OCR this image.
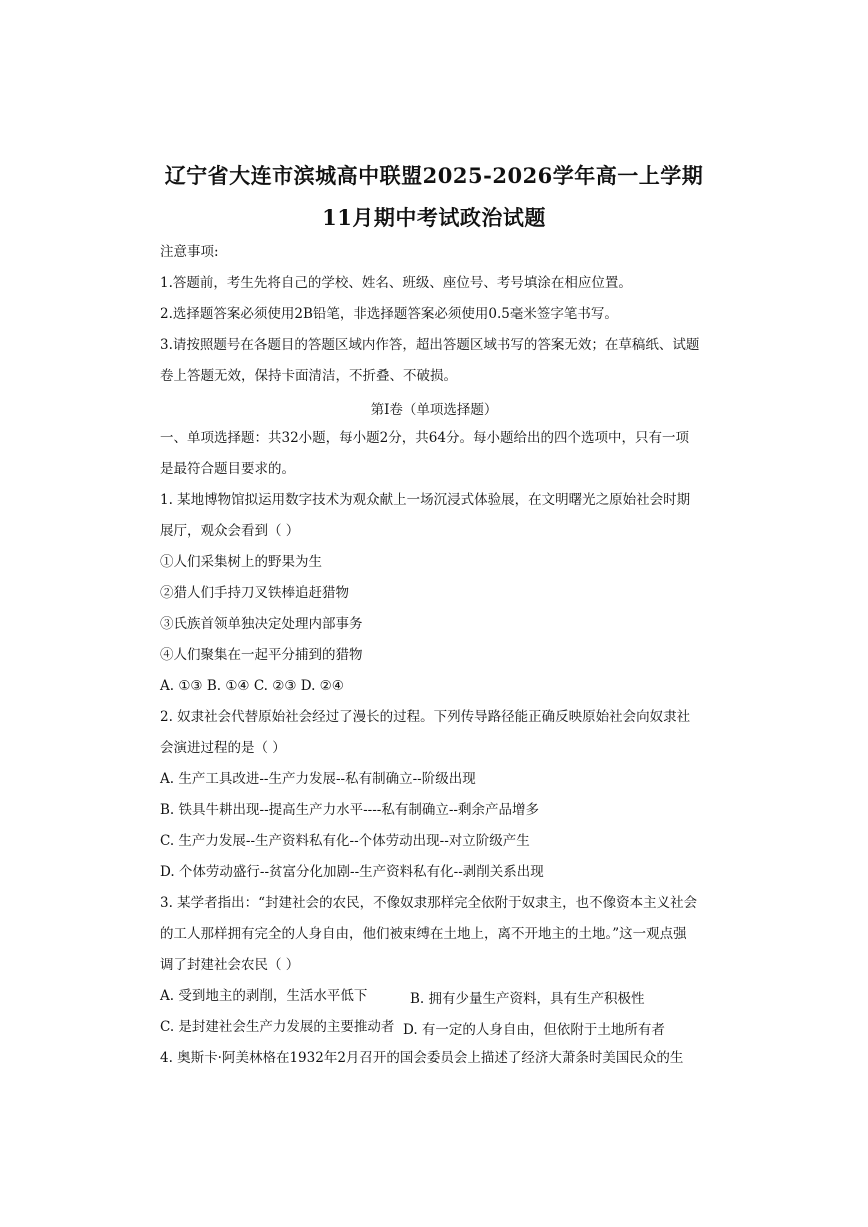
辽宁省大连市滨城高中联盟2025-2026学年高一上学期
11月期中考试政治试题
注意事项:
1.答题前，考生先将自己的学校、姓名、班级、座位号、考号填涂在相应位置。
2.选择题答案必须使用2B铅笔，非选择题答案必须使用0.5毫米签字笔书写。
3.请按照题号在各题目的答题区域内作答，超出答题区域书写的答案无效；在草稿纸、试题
卷上答题无效，保持卡面清洁，不折叠、不破损。
第Ⅰ卷（单项选择题）
一、单项选择题：共32小题，每小题2分，共64分。每小题给出的四个选项中，只有一项
是最符合题目要求的。
1. 某地博物馆拟运用数字技术为观众献上一场沉浸式体验展，在文明曙光之原始社会时期
展厅，观众会看到（ ）
①人们采集树上的野果为生
②猎人们手持刀叉铁棒追赶猎物
③氏族首领单独决定处理内部事务
④人们聚集在一起平分捕到的猎物
A. ①③ B. ①④ C. ②③ D. ②④
2. 奴隶社会代替原始社会经过了漫长的过程。下列传导路径能正确反映原始社会向奴隶社
会演进过程的是（ ）
A. 生产工具改进--生产力发展--私有制确立--阶级出现
B. 铁具牛耕出现--提高生产力水平----私有制确立--剩余产品增多
C. 生产力发展--生产资料私有化--个体劳动出现--对立阶级产生
D. 个体劳动盛行--贫富分化加剧--生产资料私有化--剥削关系出现
3. 某学者指出：“封建社会的农民，不像奴隶那样完全依附于奴隶主，也不像资本主义社会
的工人那样拥有完全的人身自由，他们被束缚在土地上，离不开地主的土地。”这一观点强
调了封建社会农民（ ）
A. 受到地主的剥削，生活水平低下	B. 拥有少量生产资料，具有生产积极性
C. 是封建社会生产力发展的主要推动者 D. 有一定的人身自由，但依附于土地所有者
4. 奥斯卡·阿美林格在1932年2月召开的国会委员会上描述了经济大萧条时美国民众的生
